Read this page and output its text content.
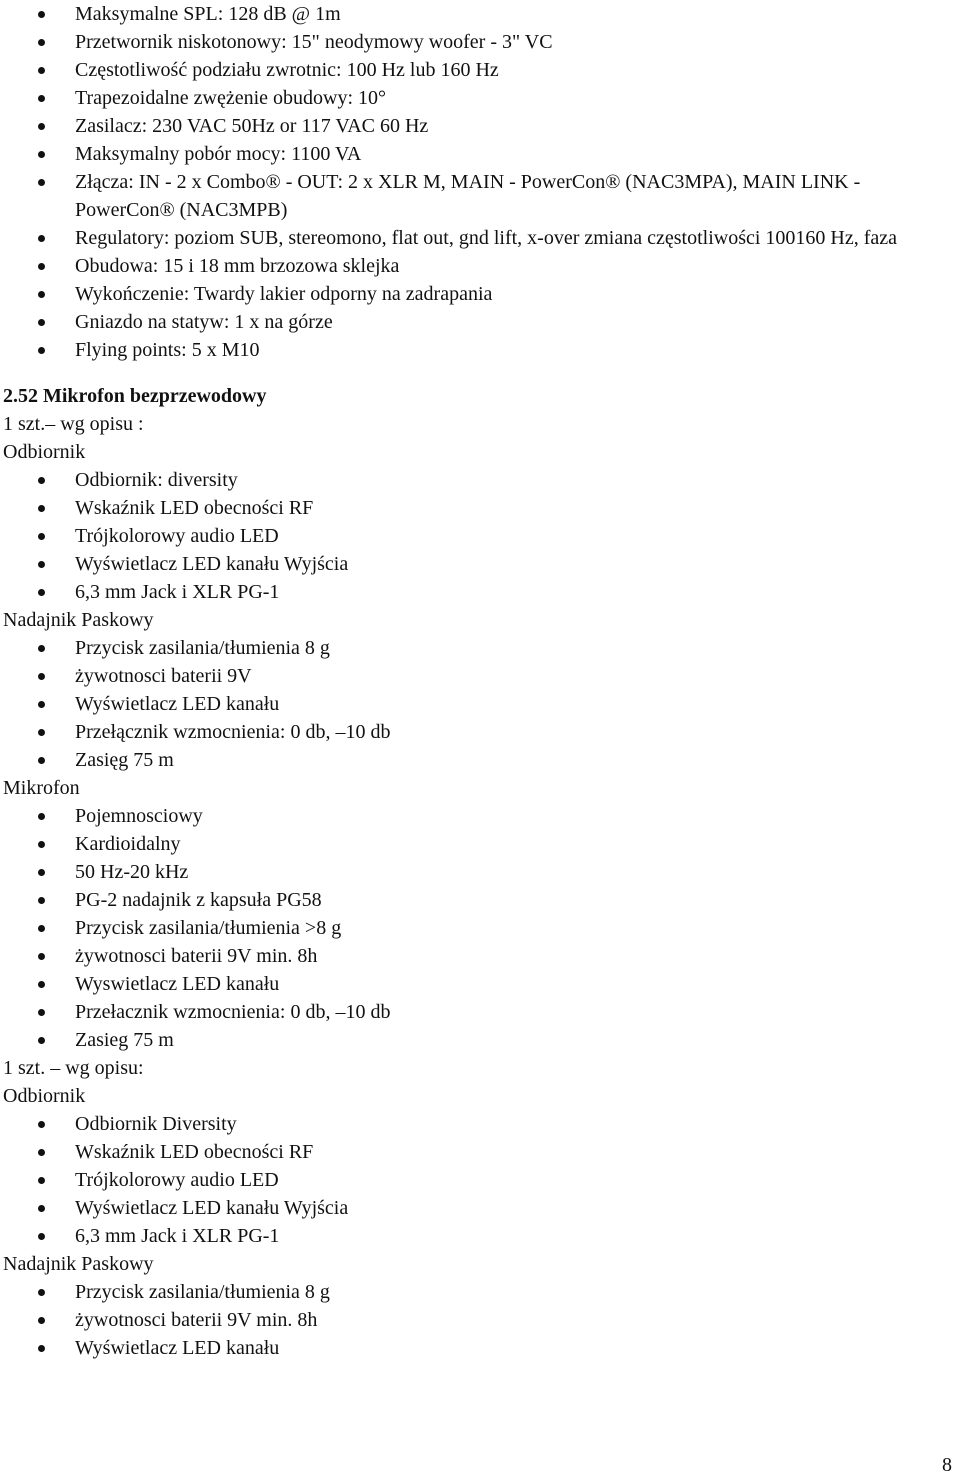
Maksymalne SPL: 128 dB @ 1m
Przetwornik niskotonowy: 15" neodymowy woofer - 3" VC
Częstotliwość podziału zwrotnic: 100 Hz lub 160 Hz
Trapezoidalne zwężenie obudowy: 10°
Zasilacz: 230 VAC 50Hz or 117 VAC 60 Hz
Maksymalny pobór mocy: 1100 VA
Złącza: IN - 2 x Combo® - OUT: 2 x XLR M, MAIN - PowerCon® (NAC3MPA), MAIN LINK - PowerCon® (NAC3MPB)
Regulatory: poziom SUB, stereomono, flat out, gnd lift, x-over zmiana częstotliwości 100160 Hz, faza
Obudowa: 15 i 18 mm brzozowa sklejka
Wykończenie: Twardy lakier odporny na zadrapania
Gniazdo na statyw: 1 x na górze
Flying points: 5 x M10
2.52 Mikrofon bezprzewodowy
1 szt.– wg opisu :
Odbiornik
Odbiornik: diversity
Wskaźnik LED obecności RF
Trójkolorowy audio LED
Wyświetlacz LED kanału Wyjścia
6,3 mm Jack i XLR PG-1
Nadajnik Paskowy
Przycisk zasilania/tłumienia 8 g
żywotnosci baterii 9V
Wyświetlacz LED kanału
Przełącznik wzmocnienia: 0 db, –10 db
Zasięg 75 m
Mikrofon
Pojemnosciowy
Kardioidalny
50 Hz-20 kHz
PG-2 nadajnik z kapsuła PG58
Przycisk zasilania/tłumienia >8 g
żywotnosci baterii 9V min. 8h
Wyswietlacz LED kanału
Przełacznik wzmocnienia: 0 db, –10 db
Zasieg 75 m
1 szt. – wg opisu:
Odbiornik
Odbiornik Diversity
Wskaźnik LED obecności RF
Trójkolorowy audio LED
Wyświetlacz LED kanału Wyjścia
6,3 mm Jack i XLR PG-1
Nadajnik Paskowy
Przycisk zasilania/tłumienia 8 g
żywotnosci baterii 9V min. 8h
Wyświetlacz LED kanału
8
